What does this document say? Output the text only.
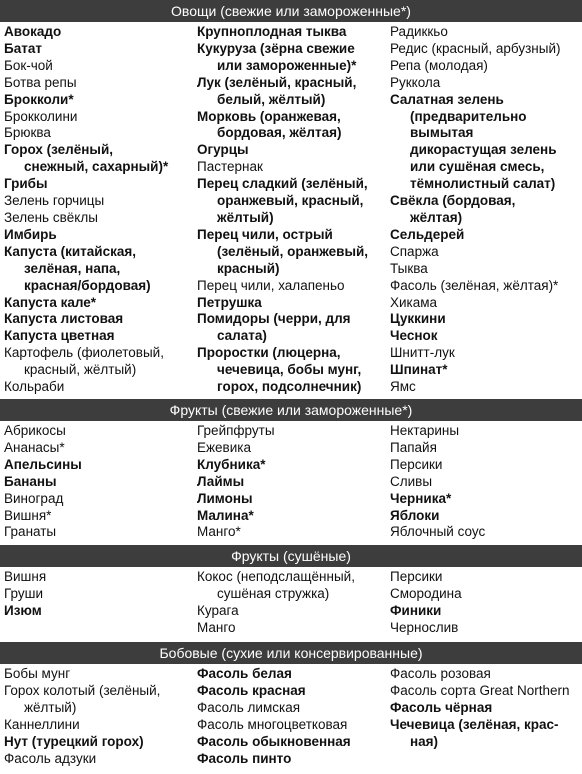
Овощи (свежие или замороженные*)
Авокадо
Батат
Бок-чой
Ботва репы
Брокколи*
Брокколини
Брюква
Горох (зелёный,
снежный, сахарный)*
Грибы
Зелень горчицы
Зелень свёклы
Имбирь
Капуста (китайская,
зелёная, напа,
красная/бордовая)
Капуста кале*
Капуста листовая
Капуста цветная
Картофель (фиолетовый,
красный, жёлтый)
Кольраби
Крупноплодная тыква
Кукуруза (зёрна свежие
или замороженные)*
Лук (зелёный, красный,
белый, жёлтый)
Морковь (оранжевая,
бордовая, жёлтая)
Огурцы
Пастернак
Перец сладкий (зелёный,
оранжевый, красный,
жёлтый)
Перец чили, острый
(зелёный, оранжевый,
красный)
Перец чили, халапеньо
Петрушка
Помидоры (черри, для
салата)
Проростки (люцерна,
чечевица, бобы мунг,
горох, подсолнечник)
Радиккьо
Редис (красный, арбузный)
Репа (молодая)
Руккола
Салатная зелень
(предварительно
вымытая
дикорастущая зелень
или сушёная смесь,
тёмнолистный салат)
Свёкла (бордовая,
жёлтая)
Сельдерей
Спаржа
Тыква
Фасоль (зелёная, жёлтая)*
Хикама
Цуккини
Чеснок
Шнитт-лук
Шпинат*
Ямс
Фрукты (свежие или замороженные*)
Абрикосы
Ананасы*
Апельсины
Бананы
Виноград
Вишня*
Гранаты
Грейпфруты
Ежевика
Клубника*
Лаймы
Лимоны
Малина*
Манго*
Нектарины
Папайя
Персики
Сливы
Черника*
Яблоки
Яблочный соус
Фрукты (сушёные)
Вишня
Груши
Изюм
Кокос (неподслащённый,
сушёная стружка)
Курага
Манго
Персики
Смородина
Финики
Чернослив
Бобовые (сухие или консервированные)
Бобы мунг
Горох колотый (зелёный,
жёлтый)
Каннеллини
Нут (турецкий горох)
Фасоль адзуки
Фасоль белая
Фасоль красная
Фасоль лимская
Фасоль многоцветковая
Фасоль обыкновенная
Фасоль пинто
Фасоль розовая
Фасоль сорта Great Northern
Фасоль чёрная
Чечевица (зелёная, крас-
ная)
